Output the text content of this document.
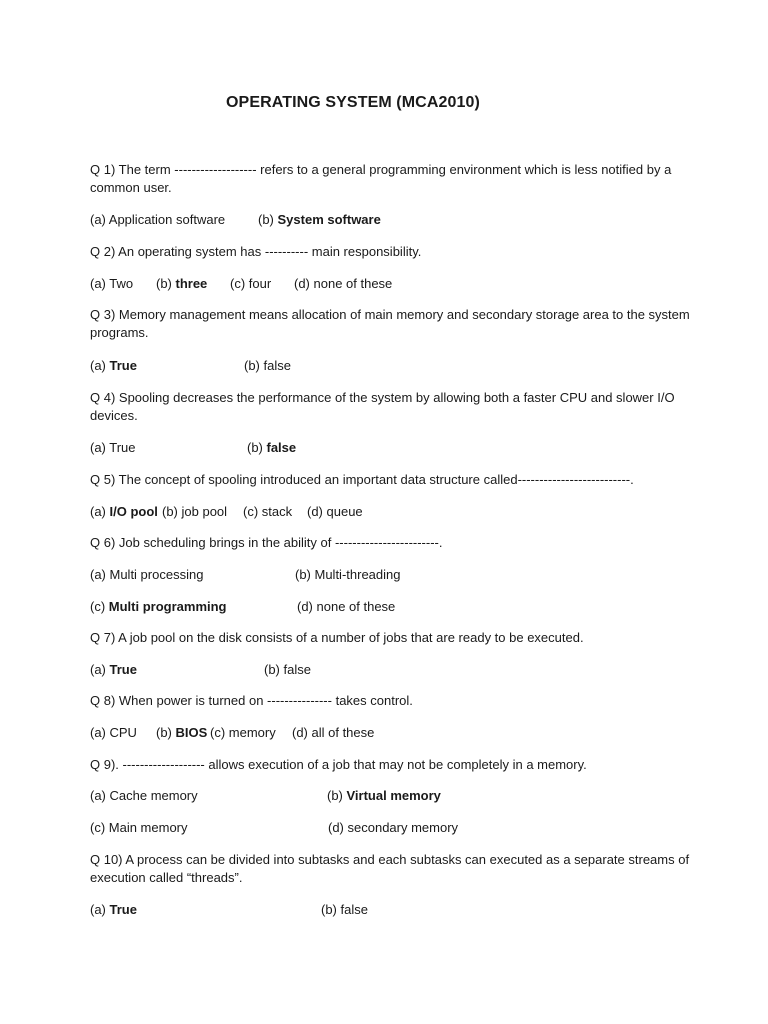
OPERATING SYSTEM (MCA2010)
Q 1) The term ------------------- refers to a general programming environment which is less notified by a common user.
(a) Application software	(b) System software
Q 2) An operating system has ---------- main responsibility.
(a) Two (b) three (c) four (d) none of these
Q 3) Memory management means allocation of main memory and secondary storage area to the system programs.
(a) True	(b) false
Q 4) Spooling decreases the performance of the system by allowing both a faster CPU and slower I/O devices.
(a) True	(b) false
Q 5) The concept of spooling introduced an important data structure called--------------------------.
(a) I/O pool (b) job pool (c) stack (d) queue
Q 6) Job scheduling brings in the ability of ------------------------.
(a) Multi processing	(b) Multi-threading
(c) Multi programming	(d) none of these
Q 7) A job pool on the disk consists of a number of jobs that are ready to be executed.
(a) True	(b) false
Q 8) When power is turned on --------------- takes control.
(a) CPU (b) BIOS (c) memory (d) all of these
Q 9). ------------------- allows execution of a job that may not be completely in a memory.
(a) Cache memory	(b) Virtual memory
(c) Main memory	(d) secondary memory
Q 10) A process can be divided into subtasks and each subtasks can executed as a separate streams of execution called “threads”.
(a) True	(b) false
